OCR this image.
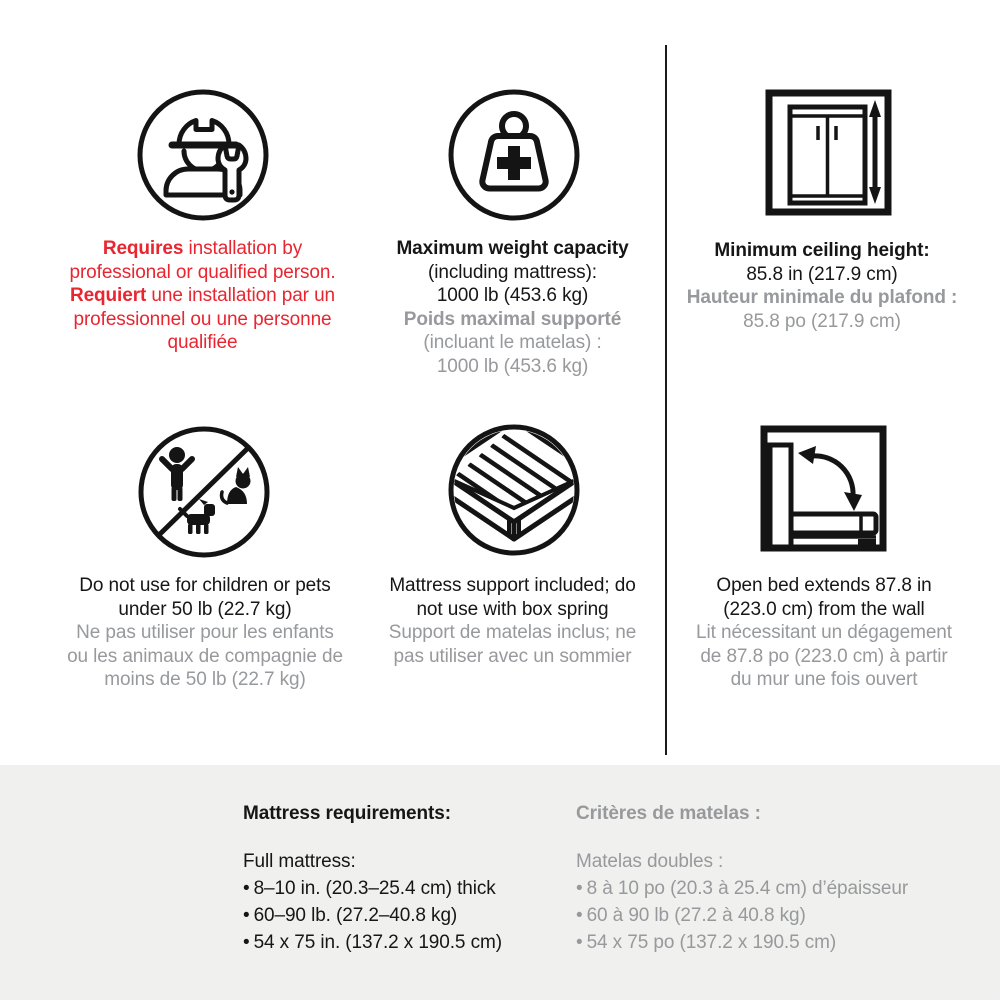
Requires installation by
professional or qualified person.
Requiert une installation par un
professionnel ou une personne
qualifiée
Maximum weight capacity
(including mattress):
1000 lb (453.6 kg)
Poids maximal supporté
(incluant le matelas) :
1000 lb (453.6 kg)
Minimum ceiling height:
85.8 in (217.9 cm)
Hauteur minimale du plafond :
85.8 po (217.9 cm)
Do not use for children or pets
under 50 lb (22.7 kg)
Ne pas utiliser pour les enfants
ou les animaux de compagnie de
moins de 50 lb (22.7 kg)
Mattress support included; do
not use with box spring
Support de matelas inclus; ne
pas utiliser avec un sommier
Open bed extends 87.8 in
(223.0 cm) from the wall
Lit nécessitant un dégagement
de 87.8 po (223.0 cm) à partir
du mur une fois ouvert
Mattress requirements:
Full mattress:
• 8–10 in. (20.3–25.4 cm) thick
• 60–90 lb. (27.2–40.8 kg)
• 54 x 75 in. (137.2 x 190.5 cm)
Critères de matelas :
Matelas doubles :
• 8 à 10 po (20.3 à 25.4 cm) d’épaisseur
• 60 à 90 lb (27.2 à 40.8 kg)
• 54 x 75 po (137.2 x 190.5 cm)
